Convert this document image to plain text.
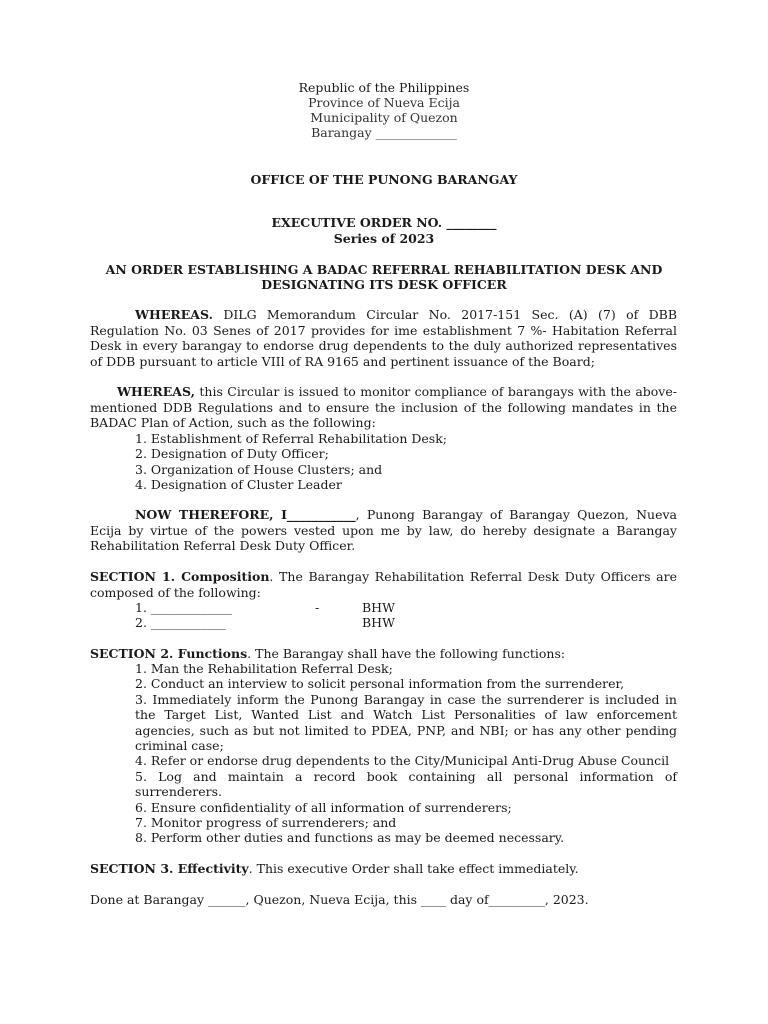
Republic of the Philippines
Province of Nueva Ecija
Municipality of Quezon
Barangay _____________
OFFICE OF THE PUNONG BARANGAY
EXECUTIVE ORDER NO. ________
Series of 2023
AN ORDER ESTABLISHING A BADAC REFERRAL REHABILITATION DESK AND
DESIGNATING ITS DESK OFFICER
WHEREAS. DILG Memorandum Circular No. 2017-151 Sec. (A) (7) of DBB Regulation No. 03 Senes of 2017 provides for ime establishment 7 %- Habitation Referral Desk in every barangay to endorse drug dependents to the duly authorized representatives of DDB pursuant to article VIIl of RA 9165 and pertinent issuance of the Board;
WHEREAS, this Circular is issued to monitor compliance of barangays with the above-mentioned DDB Regulations and to ensure the inclusion of the following mandates in the BADAC Plan of Action, such as the following:
1. Establishment of Referral Rehabilitation Desk;
2. Designation of Duty Officer;
3. Organization of House Clusters; and
4. Designation of Cluster Leader
NOW THEREFORE, I___________, Punong Barangay of Barangay Quezon, Nueva Ecija by virtue of the powers vested upon me by law, do hereby designate a Barangay Rehabilitation Referral Desk Duty Officer.
SECTION 1. Composition. The Barangay Rehabilitation Referral Desk Duty Officers are composed of the following:
1. _____________	-	BHW
2. ____________	BHW
SECTION 2. Functions. The Barangay shall have the following functions:
1. Man the Rehabilitation Referral Desk;
2. Conduct an interview to solicit personal information from the surrenderer,
3. Immediately inform the Punong Barangay in case the surrenderer is included in the Target List, Wanted List and Watch List Personalities of law enforcement agencies, such as but not limited to PDEA, PNP, and NBI; or has any other pending criminal case;
4. Refer or endorse drug dependents to the City/Municipal Anti-Drug Abuse Council
5. Log and maintain a record book containing all personal information of surrenderers.
6. Ensure confidentiality of all information of surrenderers;
7. Monitor progress of surrenderers; and
8. Perform other duties and functions as may be deemed necessary.
SECTION 3. Effectivity. This executive Order shall take effect immediately.
Done at Barangay ______, Quezon, Nueva Ecija, this ____ day of_________, 2023.
